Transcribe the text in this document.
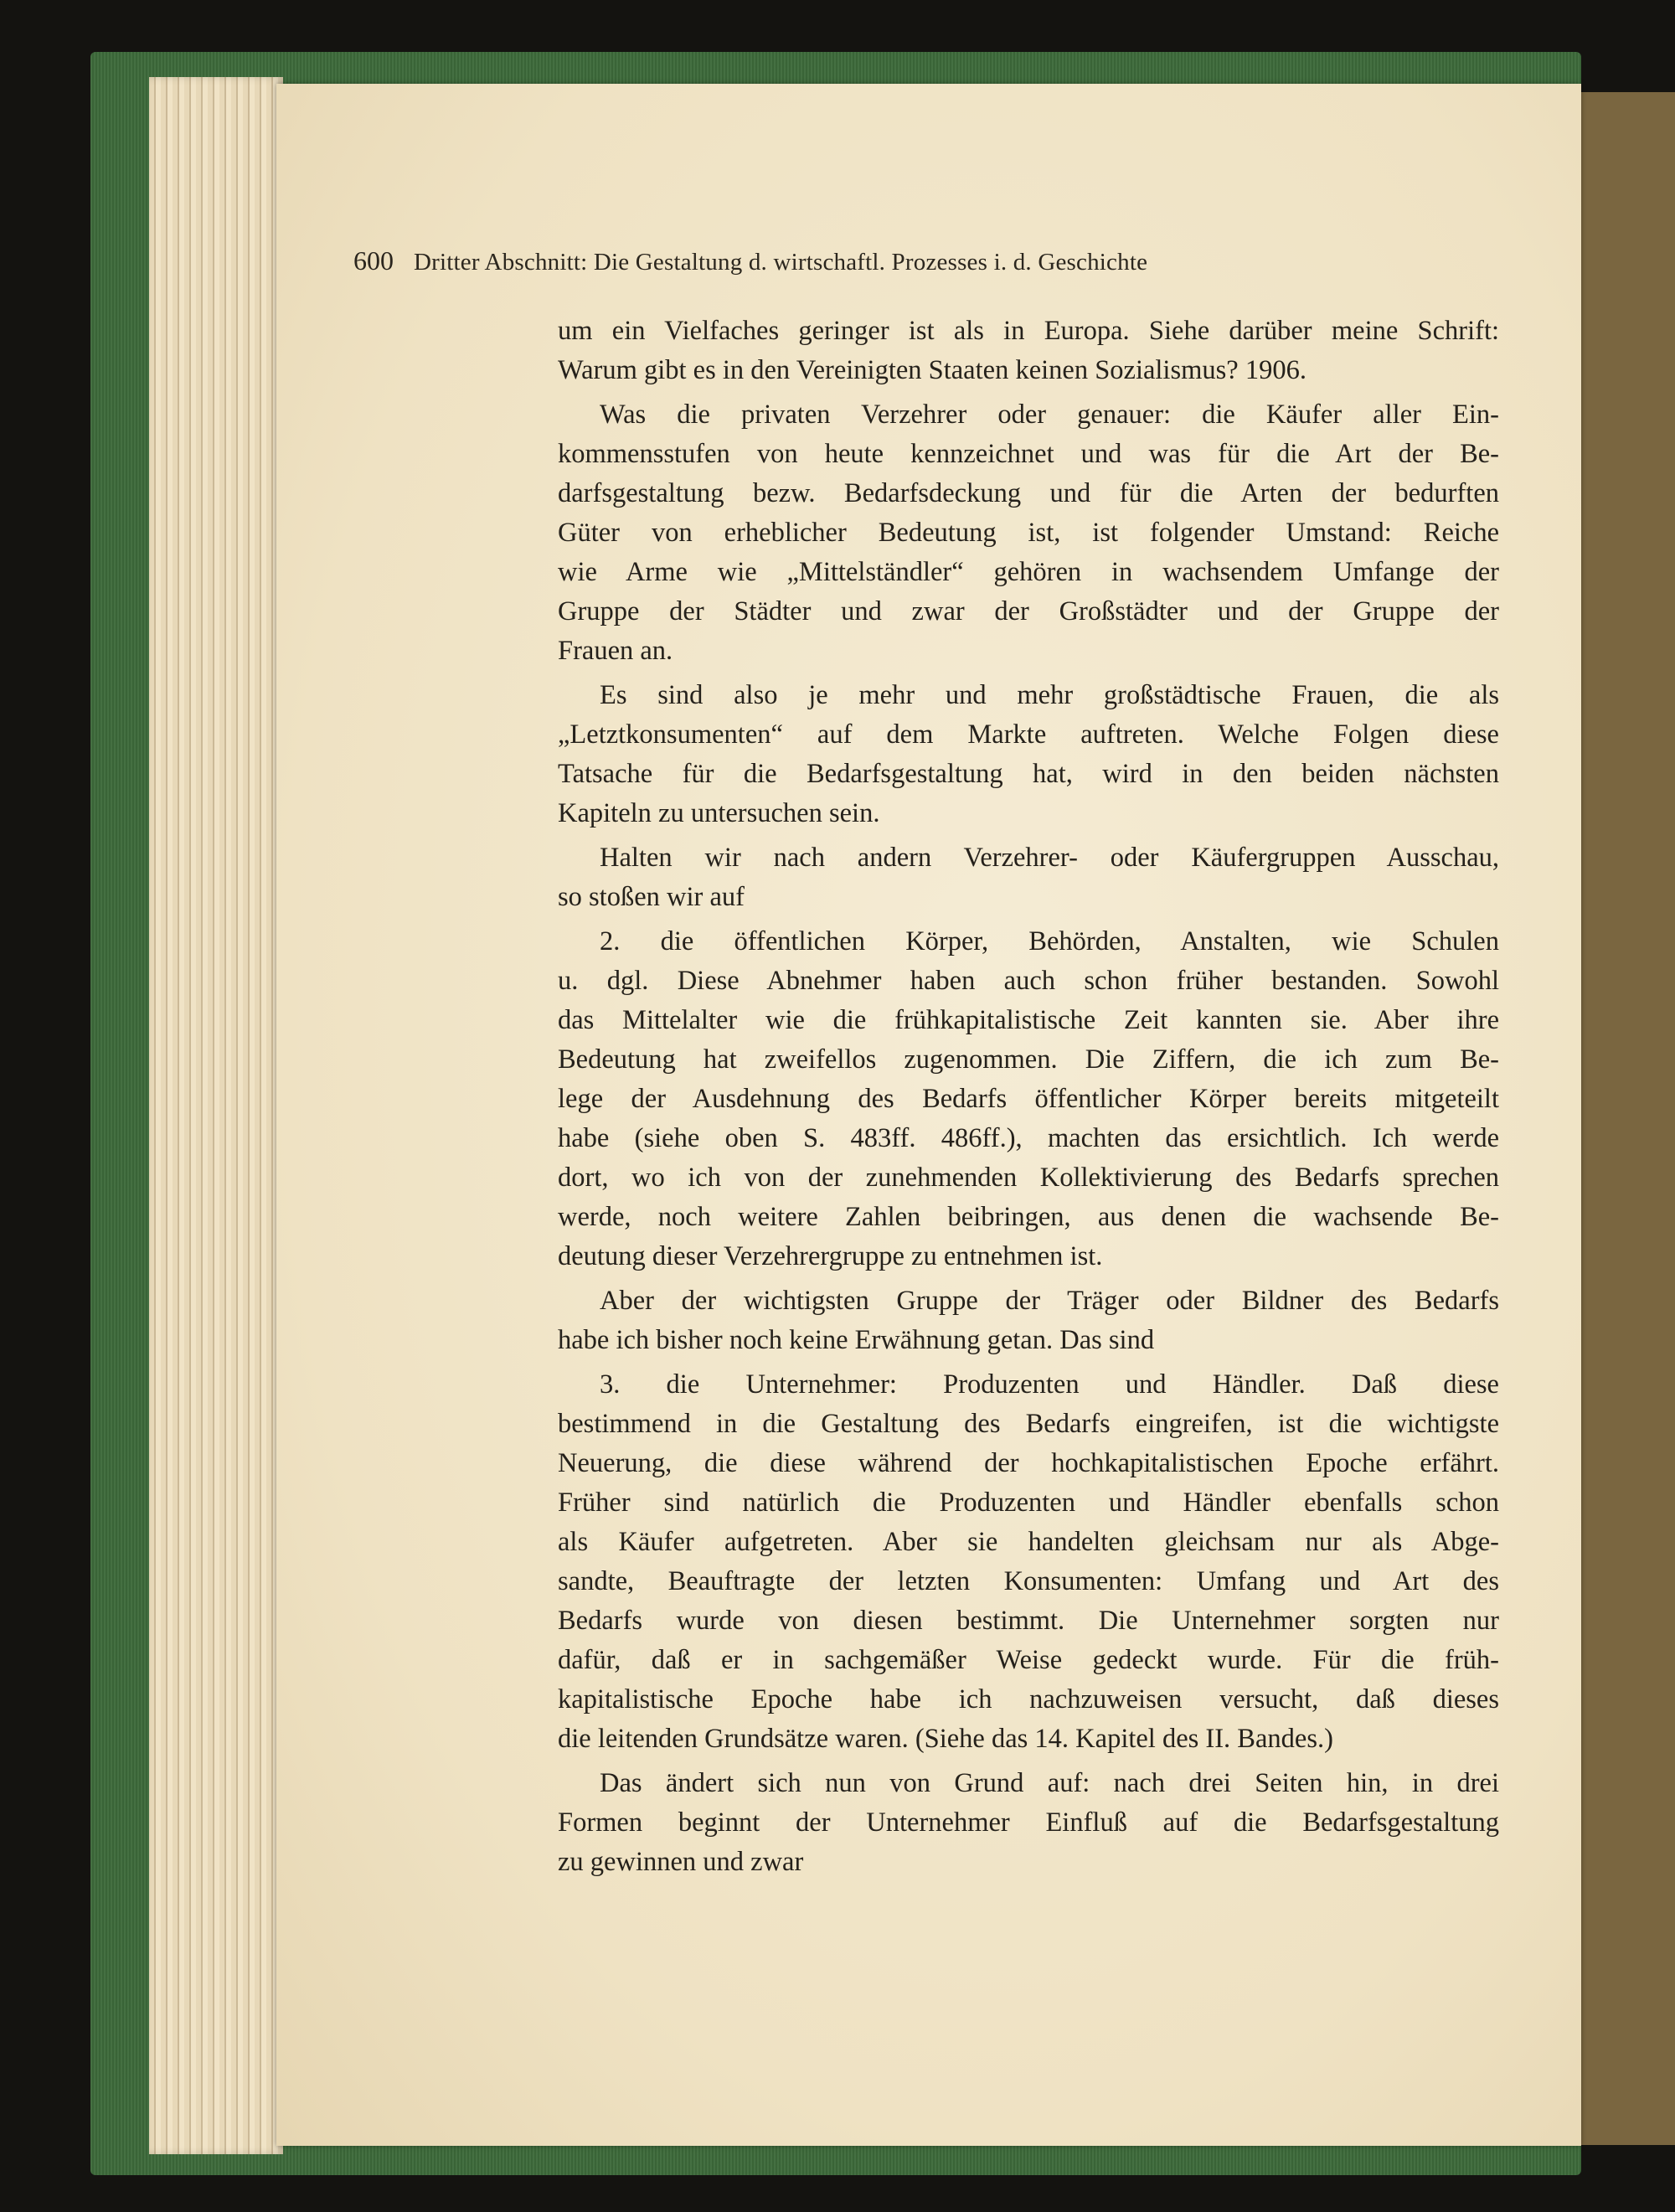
600 Dritter Abschnitt: Die Gestaltung d. wirtschaftl. Prozesses i. d. Geschichte
um ein Vielfaches geringer ist als in Europa. Siehe darüber meine Schrift:
Warum gibt es in den Vereinigten Staaten keinen Sozialismus? 1906.
Was die privaten Verzehrer oder genauer: die Käufer aller Ein-
kommensstufen von heute kennzeichnet und was für die Art der Be-
darfsgestaltung bezw. Bedarfsdeckung und für die Arten der bedurften
Güter von erheblicher Bedeutung ist, ist folgender Umstand: Reiche
wie Arme wie „Mittelständler“ gehören in wachsendem Umfange der
Gruppe der Städter und zwar der Großstädter und der Gruppe der
Frauen an.
Es sind also je mehr und mehr großstädtische Frauen, die als
„Letztkonsumenten“ auf dem Markte auftreten. Welche Folgen diese
Tatsache für die Bedarfsgestaltung hat, wird in den beiden nächsten
Kapiteln zu untersuchen sein.
Halten wir nach andern Verzehrer- oder Käufergruppen Ausschau,
so stoßen wir auf
2. die öffentlichen Körper, Behörden, Anstalten, wie Schulen
u. dgl. Diese Abnehmer haben auch schon früher bestanden. Sowohl
das Mittelalter wie die frühkapitalistische Zeit kannten sie. Aber ihre
Bedeutung hat zweifellos zugenommen. Die Ziffern, die ich zum Be-
lege der Ausdehnung des Bedarfs öffentlicher Körper bereits mitgeteilt
habe (siehe oben S. 483ff. 486ff.), machten das ersichtlich. Ich werde
dort, wo ich von der zunehmenden Kollektivierung des Bedarfs sprechen
werde, noch weitere Zahlen beibringen, aus denen die wachsende Be-
deutung dieser Verzehrergruppe zu entnehmen ist.
Aber der wichtigsten Gruppe der Träger oder Bildner des Bedarfs
habe ich bisher noch keine Erwähnung getan. Das sind
3. die Unternehmer: Produzenten und Händler. Daß diese
bestimmend in die Gestaltung des Bedarfs eingreifen, ist die wichtigste
Neuerung, die diese während der hochkapitalistischen Epoche erfährt.
Früher sind natürlich die Produzenten und Händler ebenfalls schon
als Käufer aufgetreten. Aber sie handelten gleichsam nur als Abge-
sandte, Beauftragte der letzten Konsumenten: Umfang und Art des
Bedarfs wurde von diesen bestimmt. Die Unternehmer sorgten nur
dafür, daß er in sachgemäßer Weise gedeckt wurde. Für die früh-
kapitalistische Epoche habe ich nachzuweisen versucht, daß dieses
die leitenden Grundsätze waren. (Siehe das 14. Kapitel des II. Bandes.)
Das ändert sich nun von Grund auf: nach drei Seiten hin, in drei
Formen beginnt der Unternehmer Einfluß auf die Bedarfsgestaltung
zu gewinnen und zwar
